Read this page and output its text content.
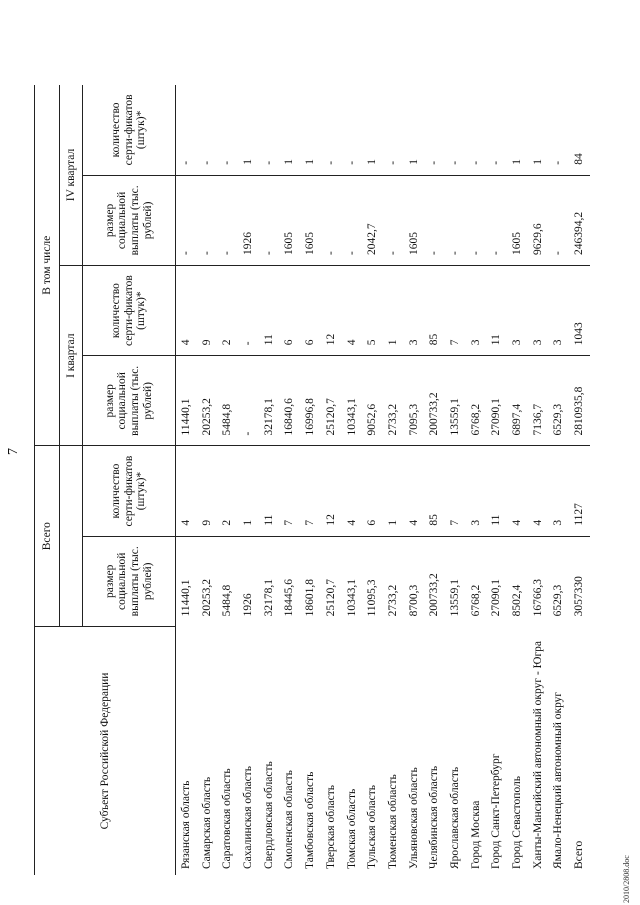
7
Субъект Российской Федерации	Всего		В том числе			
			I квартал		IV квартал	
	размер социальной выплаты (тыс. рублей)	количество серти-фикатов (штук)*	размер социальной выплаты (тыс. рублей)	количество серти-фикатов (штук)*	размер социальной выплаты (тыс. рублей)	количество серти-фикатов (штук)*
Рязанская область	11440,1	4	11440,1	4	-	-
Самарская область	20253,2	9	20253,2	9	-	-
Саратовская область	5484,8	2	5484,8	2	-	-
Сахалинская область	1926	1	-	-	1926	1
Свердловская область	32178,1	11	32178,1	11	-	-
Смоленская область	18445,6	7	16840,6	6	1605	1
Тамбовская область	18601,8	7	16996,8	6	1605	1
Тверская область	25120,7	12	25120,7	12	-	-
Томская область	10343,1	4	10343,1	4	-	-
Тульская область	11095,3	6	9052,6	5	2042,7	1
Тюменская область	2733,2	1	2733,2	1	-	-
Ульяновская область	8700,3	4	7095,3	3	1605	1
Челябинская область	200733,2	85	200733,2	85	-	-
Ярославская область	13559,1	7	13559,1	7	-	-
Город Москва	6768,2	3	6768,2	3	-	-
Город Санкт-Петербург	27090,1	11	27090,1	11	-	-
Город Севастополь	8502,4	4	6897,4	3	1605	1
Ханты-Мансийский автономный округ - Югра	16766,3	4	7136,7	3	9629,6	1
Ямало-Ненецкий автономный округ	6529,3	3	6529,3	3	-	-
Всего	3057330	1127	2810935,8	1043	246394,2	84
2010/2808.doc
